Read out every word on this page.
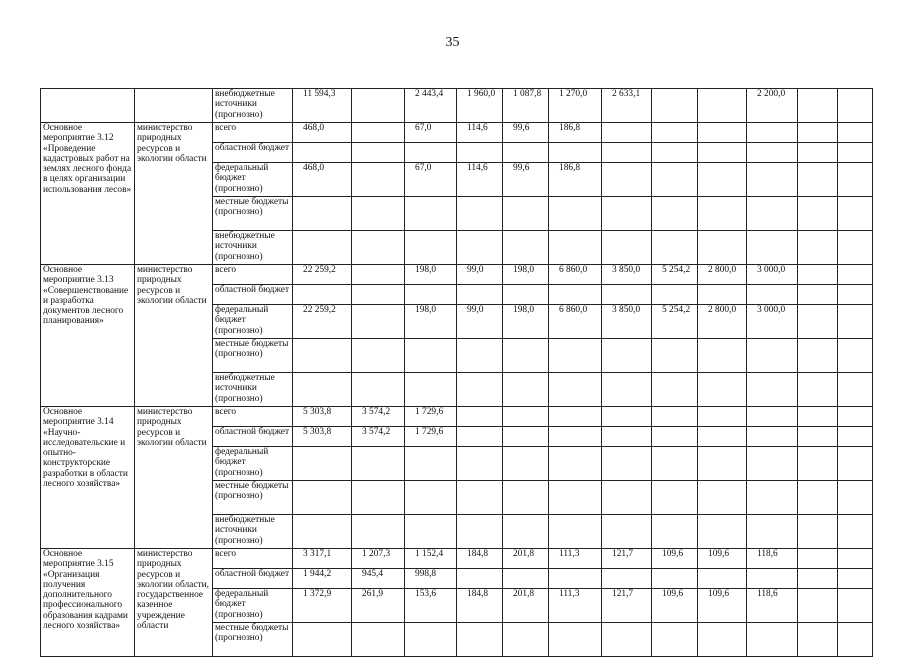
35
		внебюджетные источники (прогнозно)	11 594,3		2 443,4	1 960,0	1 087,8	1 270,0	2 633,1			2 200,0		
Основное мероприятие 3.12 «Проведение кадастровых работ на землях лесного фонда в целях организации использования лесов»	министерство природных ресурсов и экологии области	всего	468,0		67,0	114,6	99,6	186,8						
		областной бюджет												
		федеральный бюджет (прогнозно)	468,0		67,0	114,6	99,6	186,8						
		местные бюджеты (прогнозно)												
		внебюджетные источники (прогнозно)												
Основное мероприятие 3.13 «Совершенствование и разработка документов лесного планирования»	министерство природных ресурсов и экологии области	всего	22 259,2		198,0	99,0	198,0	6 860,0	3 850,0	5 254,2	2 800,0	3 000,0		
		областной бюджет												
		федеральный бюджет (прогнозно)	22 259,2		198,0	99,0	198,0	6 860,0	3 850,0	5 254,2	2 800,0	3 000,0		
		местные бюджеты (прогнозно)												
		внебюджетные источники (прогнозно)												
Основное мероприятие 3.14 «Научно-исследовательские и опытно-конструкторские разработки в области лесного хозяйства»	министерство природных ресурсов и экологии области	всего	5 303,8	3 574,2	1 729,6									
		областной бюджет	5 303,8	3 574,2	1 729,6									
		федеральный бюджет (прогнозно)												
		местные бюджеты (прогнозно)												
		внебюджетные источники (прогнозно)												
Основное мероприятие 3.15 «Организация получения дополнительного профессионального образования кадрами лесного хозяйства»	министерство природных ресурсов и экологии области, государственное казенное учреждение области	всего	3 317,1	1 207,3	1 152,4	184,8	201,8	111,3	121,7	109,6	109,6	118,6		
		областной бюджет	1 944,2	945,4	998,8									
		федеральный бюджет (прогнозно)	1 372,9	261,9	153,6	184,8	201,8	111,3	121,7	109,6	109,6	118,6		
		местные бюджеты (прогнозно)												
